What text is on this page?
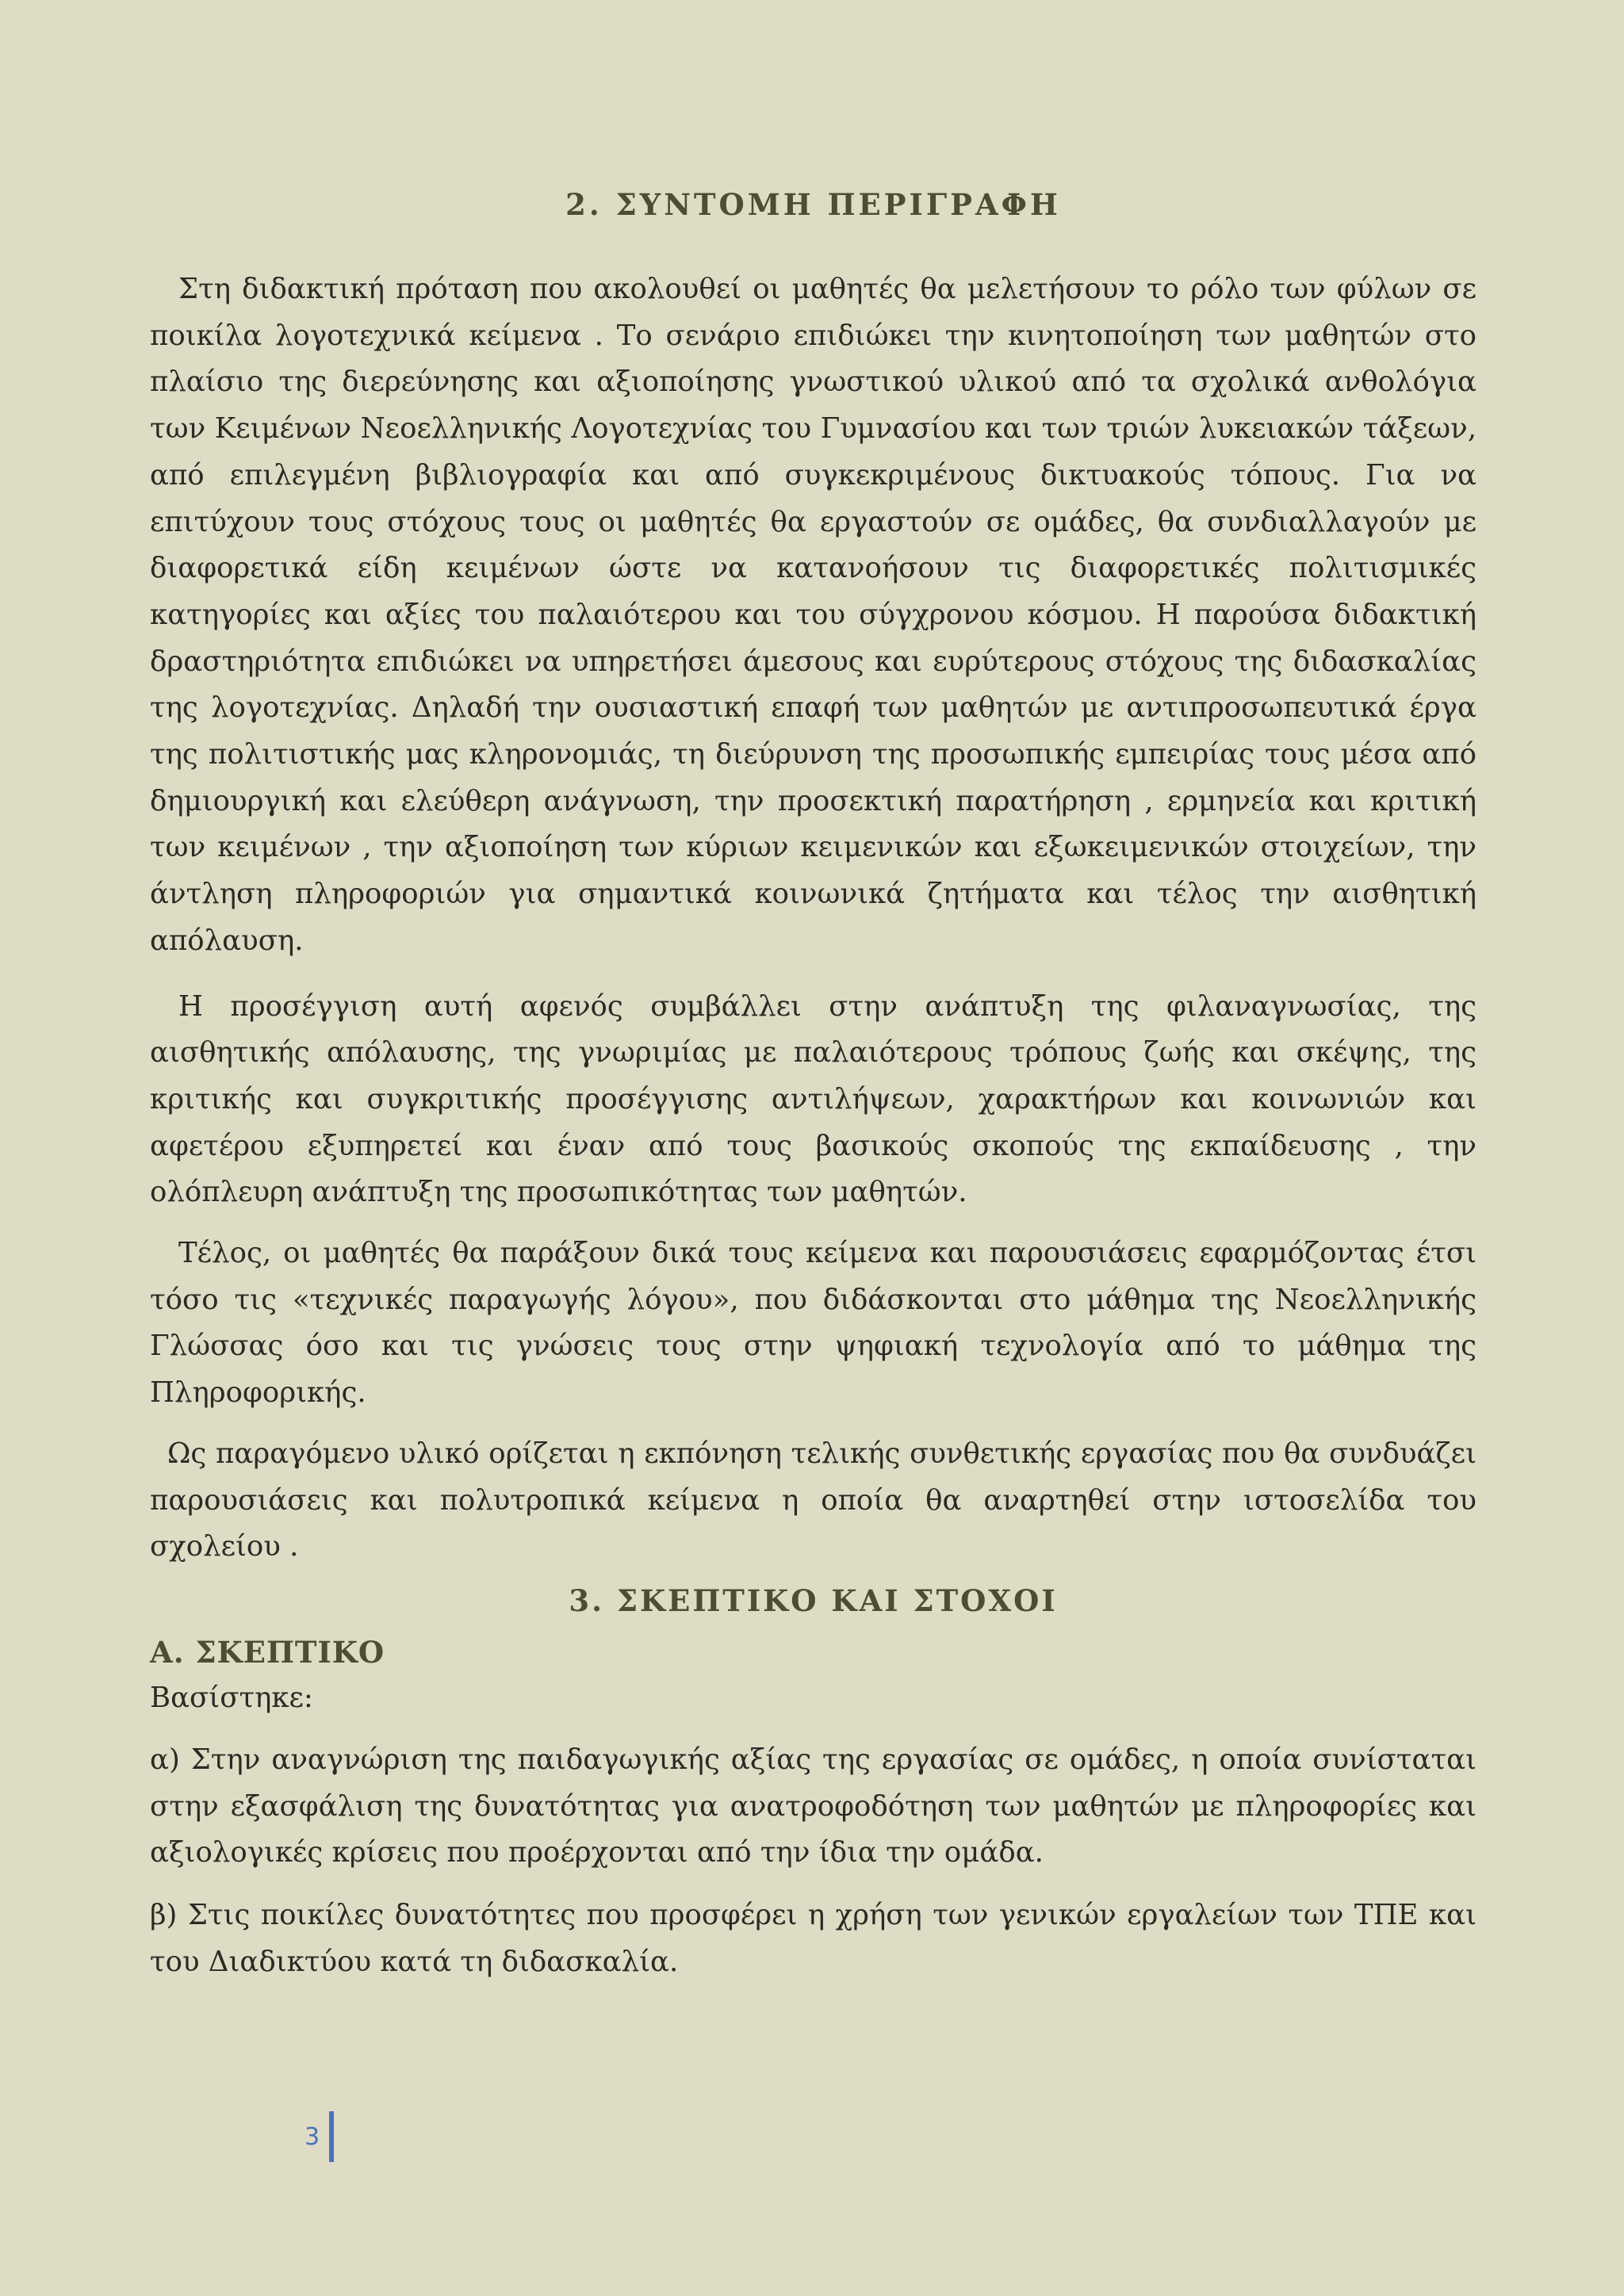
2. ΣΥΝΤΟΜΗ ΠΕΡΙΓΡΑΦΗ

Στη διδακτική πρόταση που ακολουθεί οι μαθητές θα μελετήσουν το ρόλο των φύλων σε ποικίλα λογοτεχνικά κείμενα . Το σενάριο επιδιώκει την κινητοποίηση των μαθητών στο πλαίσιο της διερεύνησης και αξιοποίησης γνωστικού υλικού από τα σχολικά ανθολόγια των Κειμένων Νεοελληνικής Λογοτεχνίας του Γυμνασίου και των τριών λυκειακών τάξεων, από επιλεγμένη βιβλιογραφία και από συγκεκριμένους δικτυακούς τόπους. Για να επιτύχουν τους στόχους τους οι μαθητές θα εργαστούν σε ομάδες, θα συνδιαλλαγούν με διαφορετικά είδη κειμένων ώστε να κατανοήσουν τις διαφορετικές πολιτισμικές κατηγορίες και αξίες του παλαιότερου και του σύγχρονου κόσμου. Η παρούσα διδακτική δραστηριότητα επιδιώκει να υπηρετήσει άμεσους και ευρύτερους στόχους της διδασκαλίας της λογοτεχνίας. Δηλαδή την ουσιαστική επαφή των μαθητών με αντιπροσωπευτικά έργα της πολιτιστικής μας κληρονομιάς, τη διεύρυνση της προσωπικής εμπειρίας τους μέσα από δημιουργική και ελεύθερη ανάγνωση, την προσεκτική παρατήρηση , ερμηνεία και κριτική των κειμένων , την αξιοποίηση των κύριων κειμενικών και εξωκειμενικών στοιχείων, την άντληση πληροφοριών για σημαντικά κοινωνικά ζητήματα και τέλος την αισθητική απόλαυση.

Η προσέγγιση αυτή αφενός συμβάλλει στην ανάπτυξη της φιλαναγνωσίας, της αισθητικής απόλαυσης, της γνωριμίας με παλαιότερους τρόπους ζωής και σκέψης, της κριτικής και συγκριτικής προσέγγισης αντιλήψεων, χαρακτήρων και κοινωνιών και αφετέρου εξυπηρετεί και έναν από τους βασικούς σκοπούς της εκπαίδευσης , την ολόπλευρη ανάπτυξη της προσωπικότητας των μαθητών.

Τέλος, οι μαθητές θα παράξουν δικά τους κείμενα και παρουσιάσεις εφαρμόζοντας έτσι τόσο τις «τεχνικές παραγωγής λόγου», που διδάσκονται στο μάθημα της Νεοελληνικής Γλώσσας όσο και τις γνώσεις τους στην ψηφιακή τεχνολογία από το μάθημα της Πληροφορικής.

Ως παραγόμενο υλικό ορίζεται η εκπόνηση τελικής συνθετικής εργασίας που θα συνδυάζει παρουσιάσεις και πολυτροπικά κείμενα η οποία θα αναρτηθεί στην ιστοσελίδα του σχολείου .

3. ΣΚΕΠΤΙΚΟ ΚΑΙ ΣΤΟΧΟΙ

Α. ΣΚΕΠΤΙΚΟ

Βασίστηκε:

α) Στην αναγνώριση της παιδαγωγικής αξίας της εργασίας σε ομάδες, η οποία συνίσταται στην εξασφάλιση της δυνατότητας για ανατροφοδότηση των μαθητών με πληροφορίες και αξιολογικές κρίσεις που προέρχονται από την ίδια την ομάδα.

β) Στις ποικίλες δυνατότητες που προσφέρει η χρήση των γενικών εργαλείων των ΤΠΕ και του Διαδικτύου κατά τη διδασκαλία.

3
